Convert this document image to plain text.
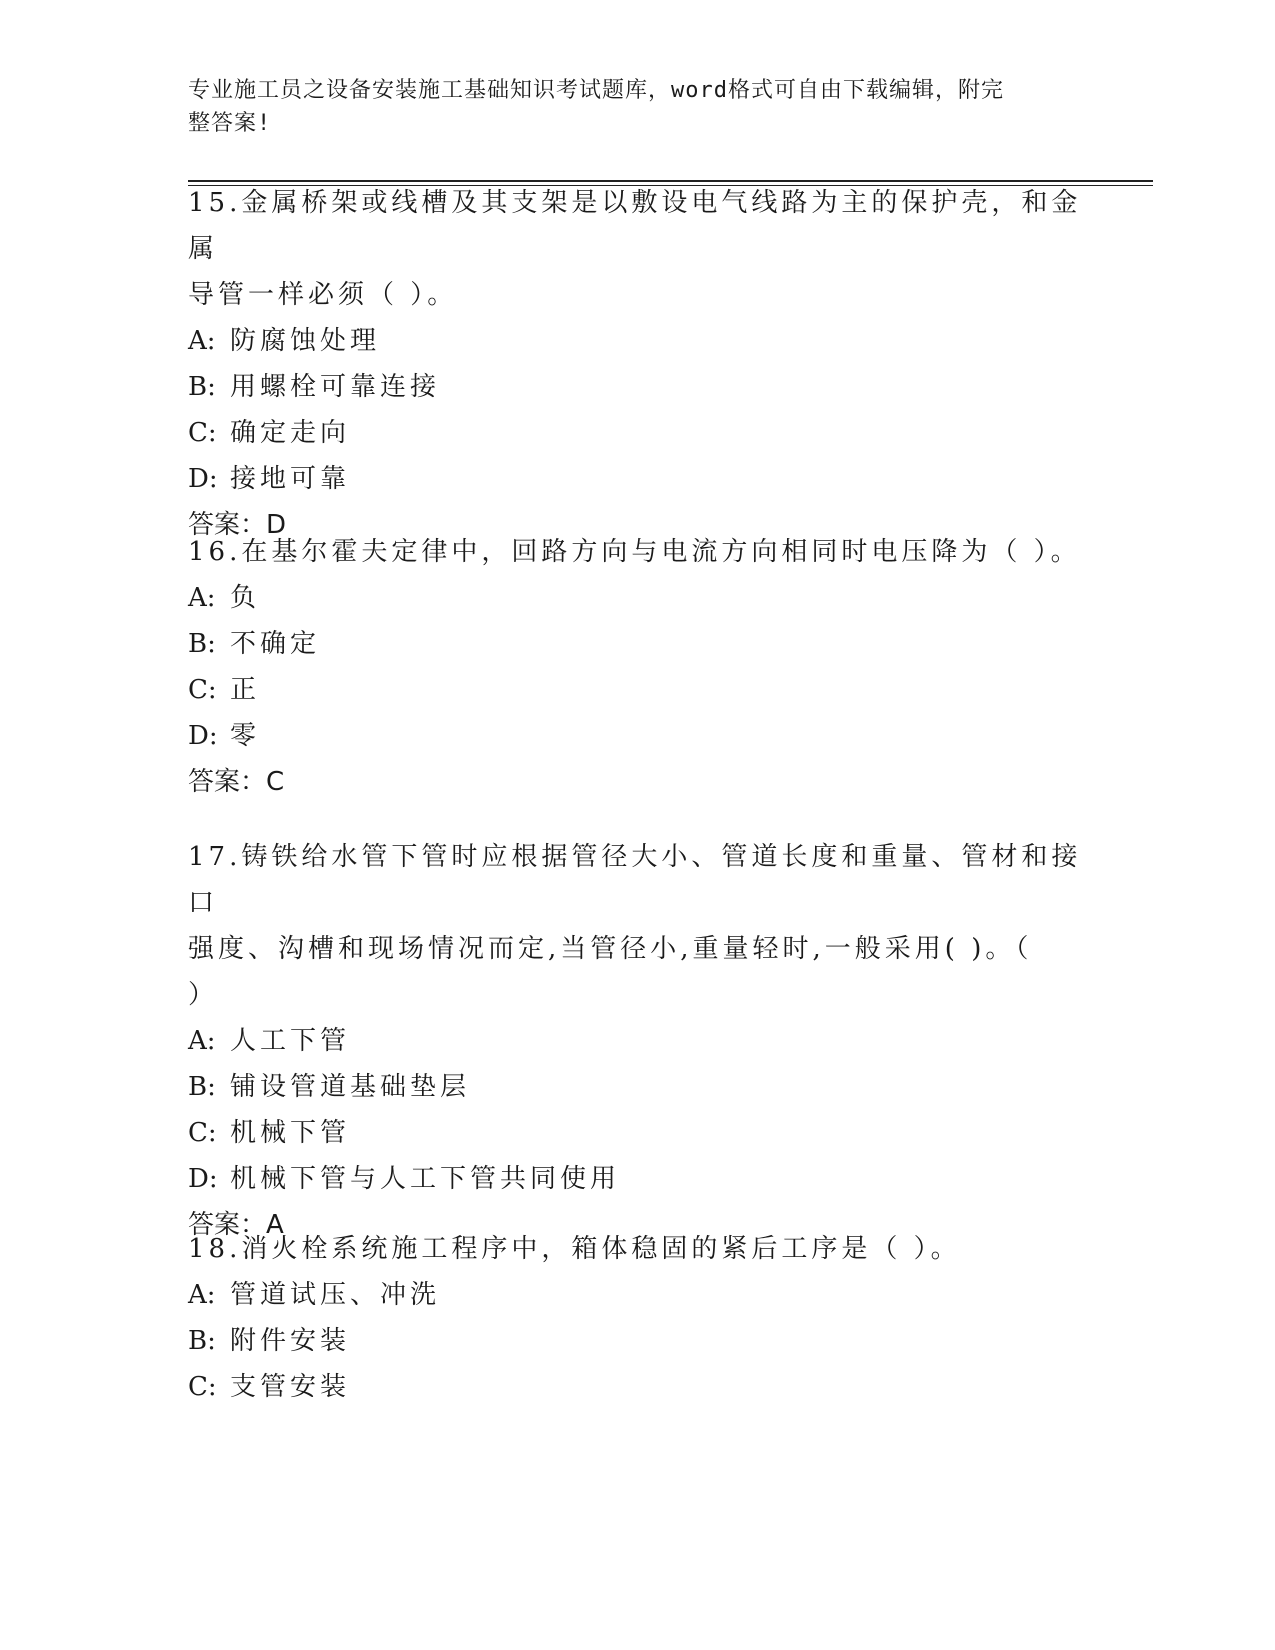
专业施工员之设备安装施工基础知识考试题库，word格式可自由下载编辑，附完
整答案!
15.金属桥架或线槽及其支架是以敷设电气线路为主的保护壳，和金属
导管一样必须（ ）。
A: 防腐蚀处理
B: 用螺栓可靠连接
C: 确定走向
D: 接地可靠
答案：D
16.在基尔霍夫定律中，回路方向与电流方向相同时电压降为（ ）。
A: 负
B: 不确定
C: 正
D: 零
答案：C
17.铸铁给水管下管时应根据管径大小、管道长度和重量、管材和接口
强度、沟槽和现场情况而定,当管径小,重量轻时,一般采用( )。（
）
A: 人工下管
B: 铺设管道基础垫层
C: 机械下管
D: 机械下管与人工下管共同使用
答案：A
18.消火栓系统施工程序中，箱体稳固的紧后工序是（ ）。
A: 管道试压、冲洗
B: 附件安装
C: 支管安装
